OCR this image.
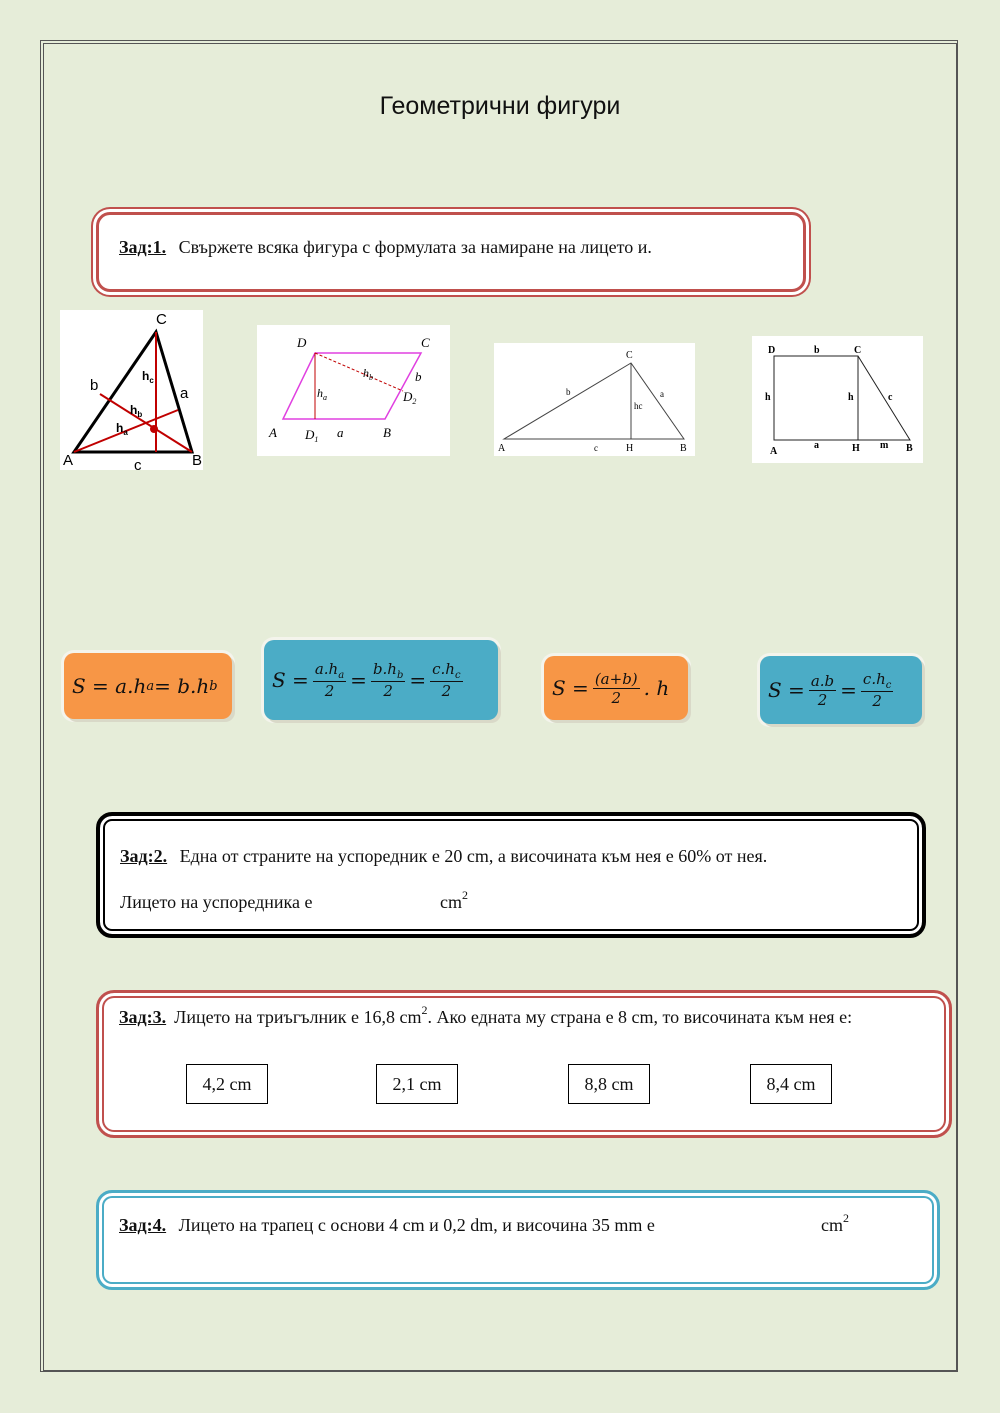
Геометрични фигури
Зад:1. Свържете всяка фигура с формулата за намиране на лицето и.
C
A	B
b	a
c
$h_c$
$h_b$
$h_a$
D	C
A	B
$D_1$
$D_2$
a
b
$h_a$
$h_b$
C
A	B
H
b	a
c
hc
D	C
A	H	B
b
a	m
h	h	c
S = a.h a = b.h b	$S = \frac{a.h_a}{2} = \frac{b.h_b}{2} = \frac{c.h_c}{2}$	$S = \frac{(a+b)}{2}$ . h	$S = \frac{a.b}{2} = \frac{c.h_c}{2}$
Зад:2. Една от страните на успоредник е 20 cm, а височината към нея е 60% от нея.
Лицето на успоредника е	$cm^2$
Зад:3. Лицето на триъгълник е 16,8 $cm^2$. Ако едната му страна е 8 cm, то височината към нея е:
4,2 cm	2,1 cm	8,8 cm	8,4 cm
Зад:4. Лицето на трапец с основи 4 cm и 0,2 dm, и височина 35 mm е	$cm^2$
